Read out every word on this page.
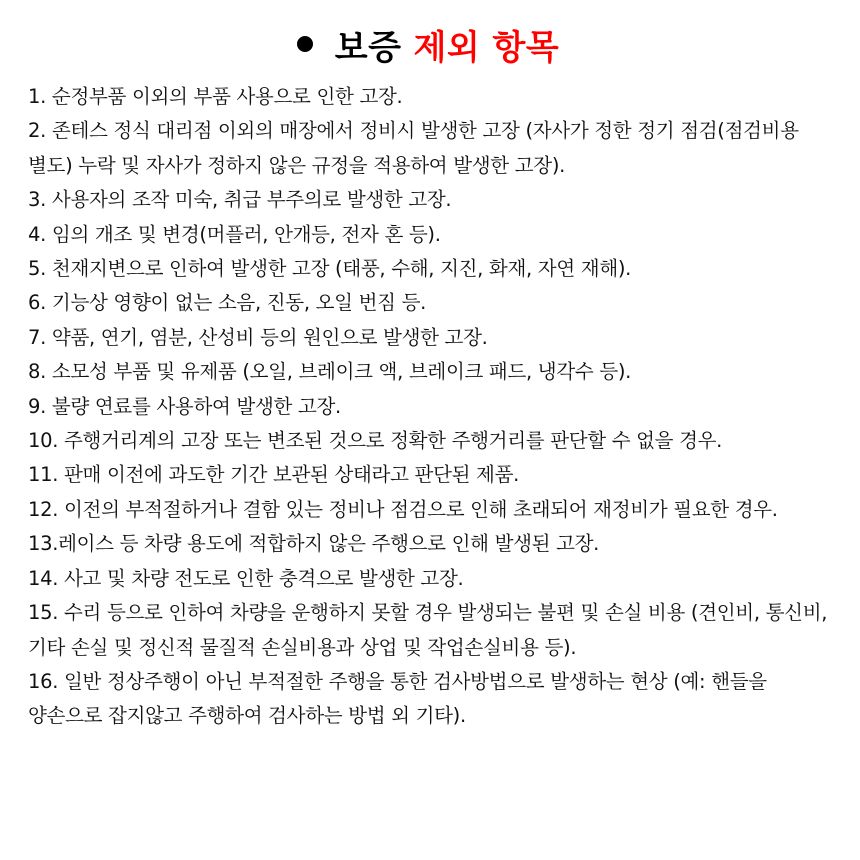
보증 제외 항목
1. 순정부품 이외의 부품 사용으로 인한 고장.
2. 존테스 정식 대리점 이외의 매장에서 정비시 발생한 고장 (자사가 정한 정기 점검(점검비용 별도) 누락 및 자사가 정하지 않은 규정을 적용하여 발생한 고장).
3. 사용자의 조작 미숙, 취급 부주의로 발생한 고장.
4. 임의 개조 및 변경(머플러, 안개등, 전자 혼 등).
5. 천재지변으로 인하여 발생한 고장 (태풍, 수해, 지진, 화재, 자연 재해).
6. 기능상 영향이 없는 소음, 진동, 오일 번짐 등.
7. 약품, 연기, 염분, 산성비 등의 원인으로 발생한 고장.
8. 소모성 부품 및 유제품 (오일, 브레이크 액, 브레이크 패드, 냉각수 등).
9. 불량 연료를 사용하여 발생한 고장.
10. 주행거리계의 고장 또는 변조된 것으로 정확한 주행거리를 판단할 수 없을 경우.
11. 판매 이전에 과도한 기간 보관된 상태라고 판단된 제품.
12. 이전의 부적절하거나 결함 있는 정비나 점검으로 인해 초래되어 재정비가 필요한 경우.
13.레이스 등 차량 용도에 적합하지 않은 주행으로 인해 발생된 고장.
14. 사고 및 차량 전도로 인한 충격으로 발생한 고장.
15. 수리 등으로 인하여 차량을 운행하지 못할 경우 발생되는 불편 및 손실 비용 (견인비, 통신비, 기타 손실 및 정신적 물질적 손실비용과 상업 및 작업손실비용 등).
16. 일반 정상주행이 아닌 부적절한 주행을 통한 검사방법으로 발생하는 현상 (예: 핸들을 양손으로 잡지않고 주행하여 검사하는 방법 외 기타).
